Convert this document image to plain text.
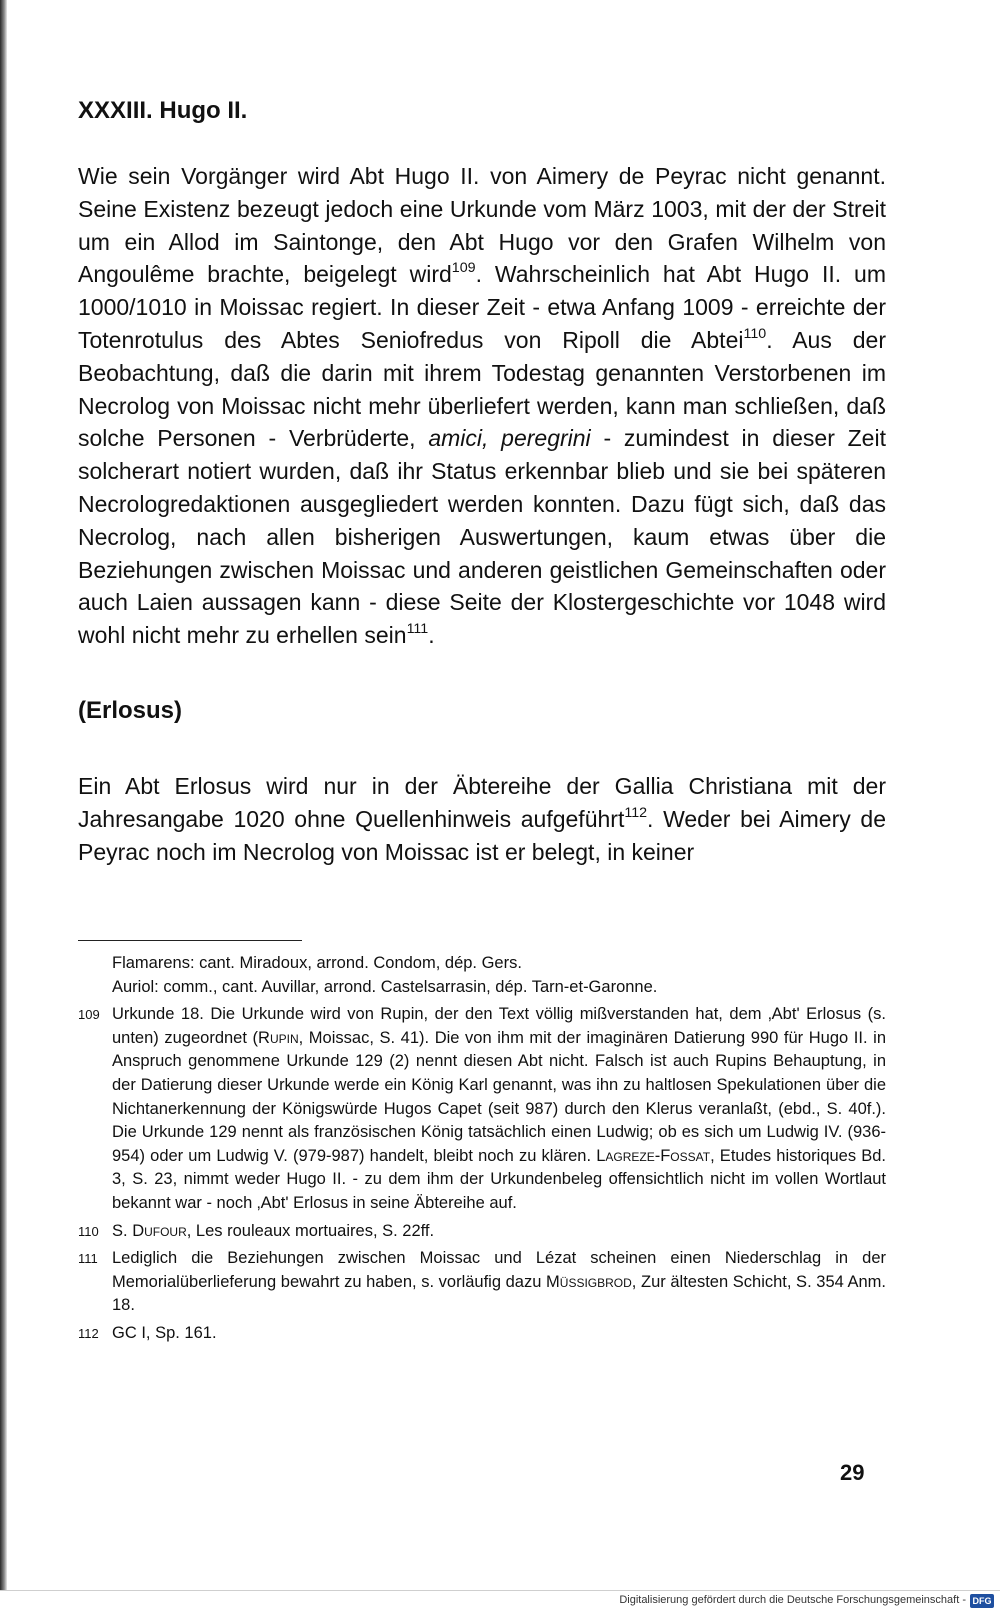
XXXIII. Hugo II.

Wie sein Vorgänger wird Abt Hugo II. von Aimery de Peyrac nicht genannt. Seine Existenz bezeugt jedoch eine Urkunde vom März 1003, mit der der Streit um ein Allod im Saintonge, den Abt Hugo vor den Grafen Wilhelm von Angoulême brachte, beigelegt wird$^{109}$. Wahrscheinlich hat Abt Hugo II. um 1000/1010 in Moissac regiert. In dieser Zeit - etwa Anfang 1009 - erreichte der Totenrotulus des Abtes Seniofredus von Ripoll die Abtei$^{110}$. Aus der Beobachtung, daß die darin mit ihrem Todestag genannten Verstorbenen im Necrolog von Moissac nicht mehr überliefert werden, kann man schließen, daß solche Personen - Verbrüderte, amici, peregrini - zumindest in dieser Zeit solcherart notiert wurden, daß ihr Status erkennbar blieb und sie bei späteren Necrologredaktionen ausgegliedert werden konnten. Dazu fügt sich, daß das Necrolog, nach allen bisherigen Auswertungen, kaum etwas über die Beziehungen zwischen Moissac und anderen geistlichen Gemeinschaften oder auch Laien aussagen kann - diese Seite der Klostergeschichte vor 1048 wird wohl nicht mehr zu erhellen sein$^{111}$.

(Erlosus)

Ein Abt Erlosus wird nur in der Äbtereihe der Gallia Christiana mit der Jahresangabe 1020 ohne Quellenhinweis aufgeführt$^{112}$. Weder bei Aimery de Peyrac noch im Necrolog von Moissac ist er belegt, in keiner

Flamarens: cant. Miradoux, arrond. Condom, dép. Gers.

Auriol: comm., cant. Auvillar, arrond. Castelsarrasin, dép. Tarn-et-Garonne.

109 Urkunde 18. Die Urkunde wird von Rupin, der den Text völlig mißverstanden hat, dem ‚Abt' Erlosus (s. unten) zugeordnet (Rupin, Moissac, S. 41). Die von ihm mit der imaginären Datierung 990 für Hugo II. in Anspruch genommene Urkunde 129 (2) nennt diesen Abt nicht. Falsch ist auch Rupins Behauptung, in der Datierung dieser Urkunde werde ein König Karl genannt, was ihn zu haltlosen Spekulationen über die Nichtanerkennung der Königswürde Hugos Capet (seit 987) durch den Klerus veranlaßt, (ebd., S. 40f.). Die Urkunde 129 nennt als französischen König tatsächlich einen Ludwig; ob es sich um Ludwig IV. (936-954) oder um Ludwig V. (979-987) handelt, bleibt noch zu klären. Lagreze-Fossat, Etudes historiques Bd. 3, S. 23, nimmt weder Hugo II. - zu dem ihm der Urkundenbeleg offensichtlich nicht im vollen Wortlaut bekannt war - noch ‚Abt' Erlosus in seine Äbtereihe auf.
110 S. Dufour, Les rouleaux mortuaires, S. 22ff.
111 Lediglich die Beziehungen zwischen Moissac und Lézat scheinen einen Niederschlag in der Memorialüberlieferung bewahrt zu haben, s. vorläufig dazu Müssigbrod, Zur ältesten Schicht, S. 354 Anm. 18.
112 GC I, Sp. 161.
29
Digitalisierung gefördert durch die Deutsche Forschungsgemeinschaft - DFG
